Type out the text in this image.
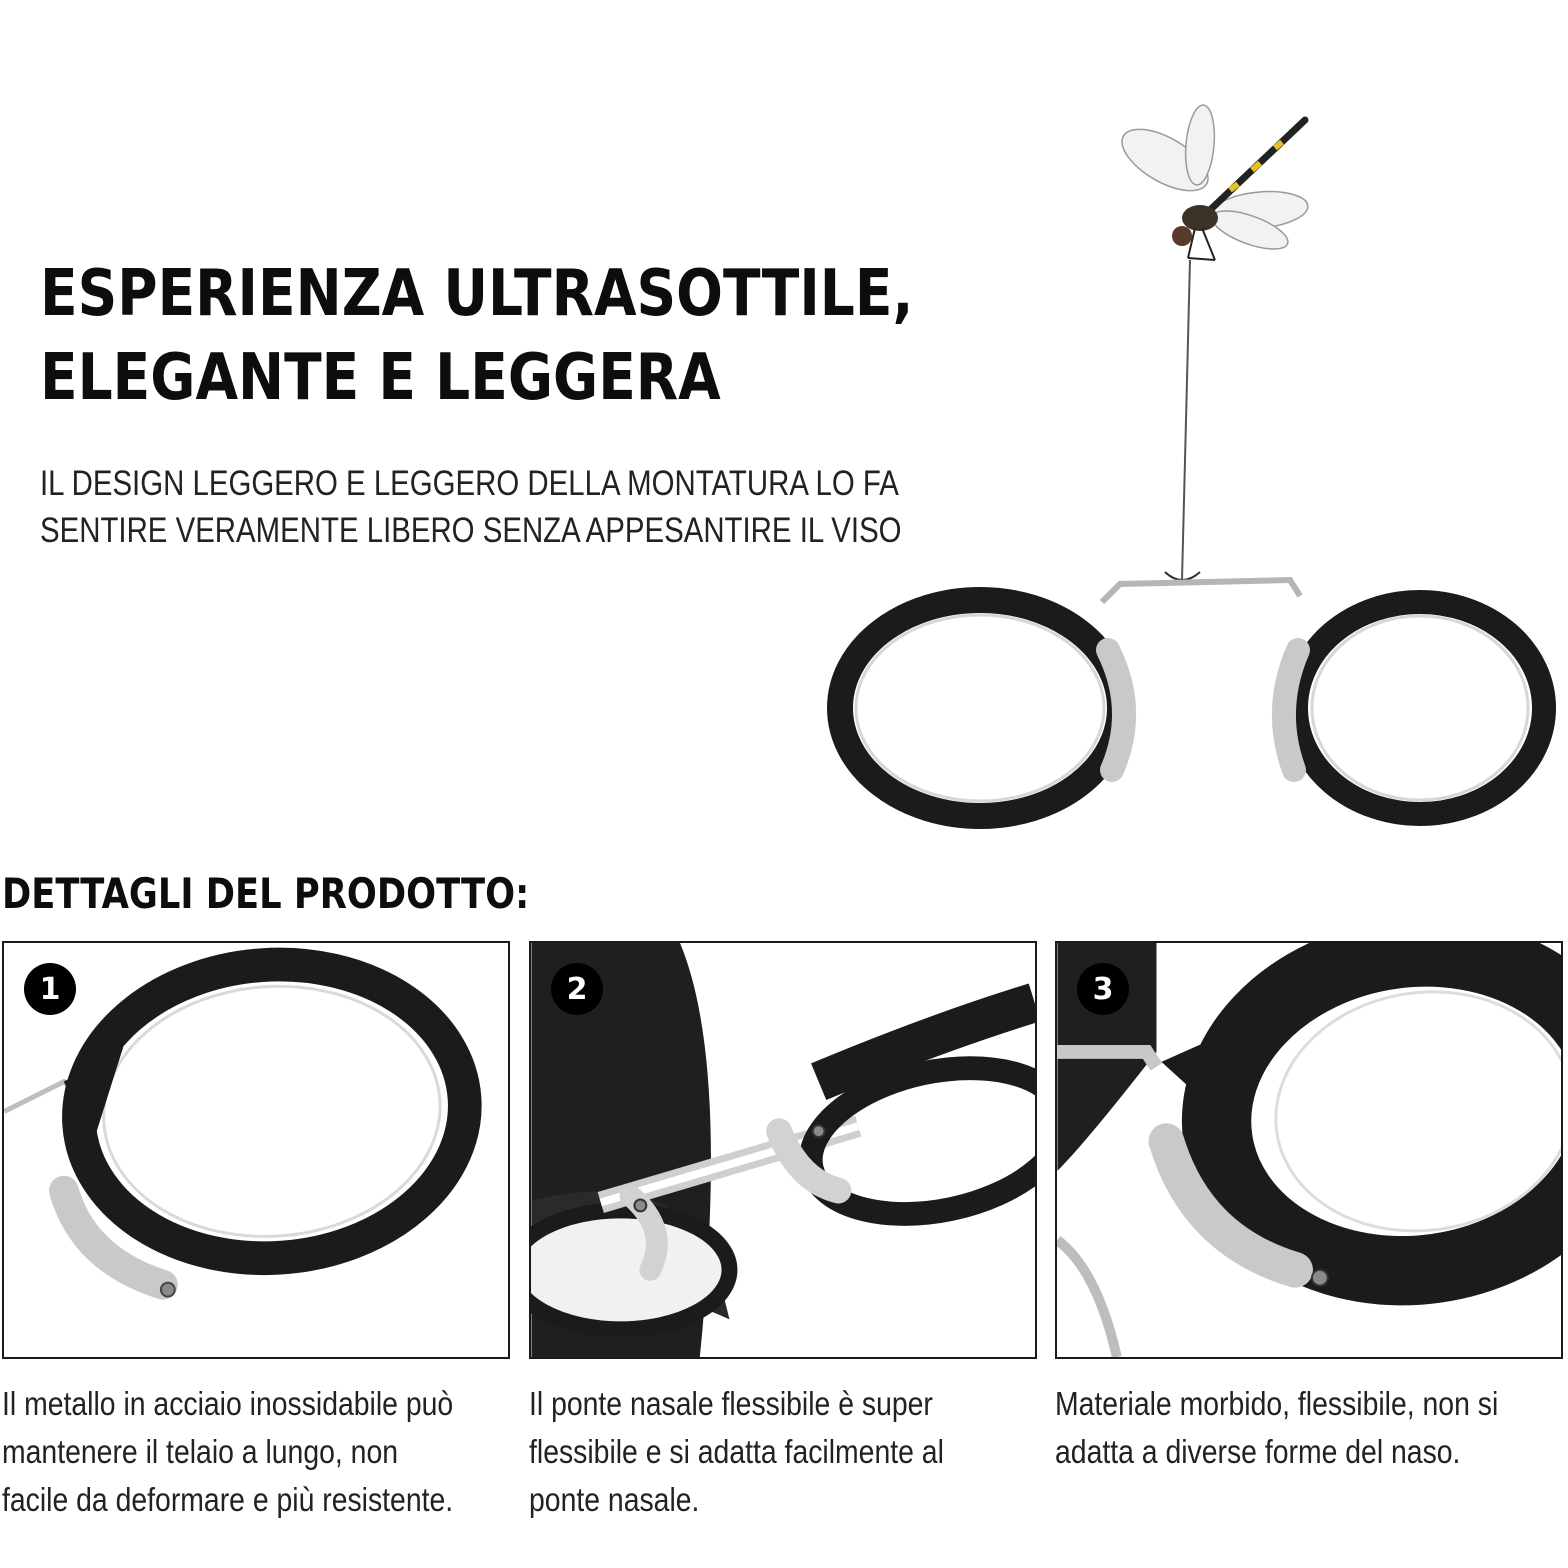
ESPERIENZA ULTRASOTTILE,
ELEGANTE E LEGGERA

IL DESIGN LEGGERO E LEGGERO DELLA MONTATURA LO FA
SENTIRE VERAMENTE LIBERO SENZA APPESANTIRE IL VISO

DETTAGLI DEL PRODOTTO:
1	2	3

Il metallo in acciaio inossidabile può
mantenere il telaio a lungo, non
facile da deformare e più resistente.

Il ponte nasale flessibile è super
flessibile e si adatta facilmente al
ponte nasale.

Materiale morbido, flessibile, non si
adatta a diverse forme del naso.
